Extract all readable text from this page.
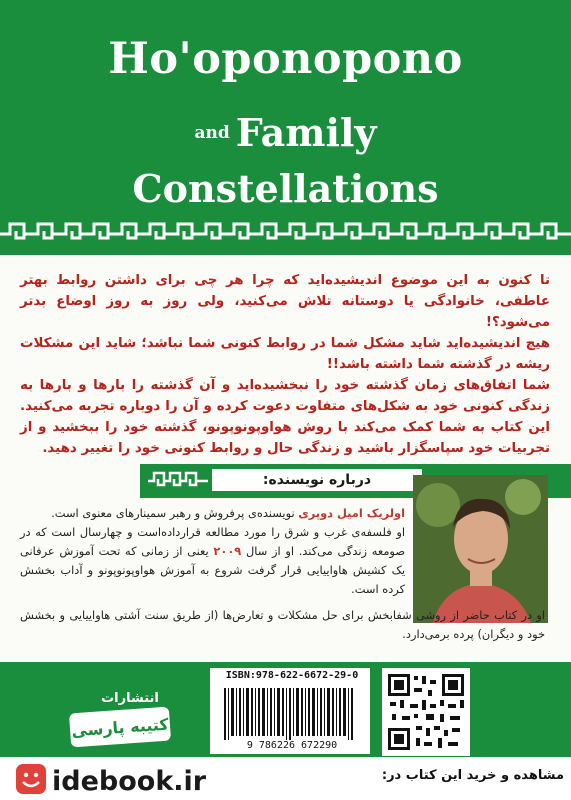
Ho'oponopono
and Family
Constellations
تا کنون به این موضوع اندیشیده‌اید که چرا هر چی برای داشتن روابط بهتر عاطفی، خانوادگی یا دوستانه تلاش می‌کنید، ولی روز به روز اوضاع بدتر می‌شود؟!
هیچ اندیشیده‌اید شاید مشکل شما در روابط کنونی شما نباشد؛ شاید این مشکلات ریشه در گذشته شما داشته باشد!!
شما اتفاق‌های زمان گذشته خود را نبخشیده‌اید و آن گذشته را بارها و بارها به زندگی کنونی خود به شکل‌های متفاوت دعوت کرده و آن را دوباره تجربه می‌کنید. این کتاب به شما کمک می‌کند با روش هواوپونوپونو، گذشته خود را ببخشید و از تجربیات خود سپاسگزار باشید و زندگی حال و روابط کنونی خود را تغییر دهید.
درباره نویسنده:
اولریک امیل دوپری نویسنده‌ی پرفروش و رهبر سمینارهای معنوی است.
او فلسفه‌ی غرب و شرق را مورد مطالعه قرارداده‌است و چهارسال است که در صومعه زندگی می‌کند. او از سال ۲۰۰۹ یعنی از زمانی که تحت آموزش عرفانی یک کشیش هاواییایی قرار گرفت شروع به آموزش هواوپونوپونو و آداب بخشش کرده است.
او در کتاب حاضر از روشی شفابخش برای حل مشکلات و تعارض‌ها (از طریق سنت آشتی هاواییایی و بخشش خود و دیگران) پرده برمی‌دارد.
انتشارات
کتیبه پارسی
ISBN:978-622-6672-29-0
9 786226 672290
idebook.ir	مشاهده و خرید این کتاب در:
